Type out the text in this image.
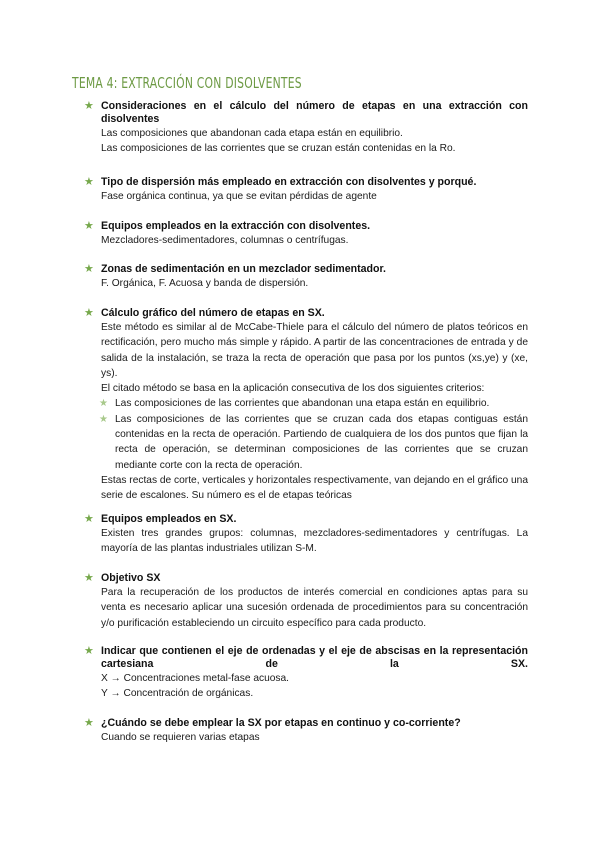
TEMA 4: EXTRACCIÓN CON DISOLVENTES
★ Consideraciones en el cálculo del número de etapas en una extracción con disolventes
Las composiciones que abandonan cada etapa están en equilibrio.
Las composiciones de las corrientes que se cruzan están contenidas en la Ro.
★ Tipo de dispersión más empleado en extracción con disolventes y porqué.
Fase orgánica continua, ya que se evitan pérdidas de agente
★ Equipos empleados en la extracción con disolventes.
Mezcladores-sedimentadores, columnas o centrífugas.
★ Zonas de sedimentación en un mezclador sedimentador.
F. Orgánica, F. Acuosa y banda de dispersión.
★ Cálculo gráfico del número de etapas en SX.
Este método es similar al de McCabe-Thiele para el cálculo del número de platos teóricos en rectificación, pero mucho más simple y rápido. A partir de las concentraciones de entrada y de salida de la instalación, se traza la recta de operación que pasa por los puntos (xs,ye) y (xe, ys).
El citado método se basa en la aplicación consecutiva de los dos siguientes criterios:
★ Las composiciones de las corrientes que abandonan una etapa están en equilibrio.
★ Las composiciones de las corrientes que se cruzan cada dos etapas contiguas están contenidas en la recta de operación. Partiendo de cualquiera de los dos puntos que fijan la recta de operación, se determinan composiciones de las corrientes que se cruzan mediante corte con la recta de operación.
Estas rectas de corte, verticales y horizontales respectivamente, van dejando en el gráfico una serie de escalones. Su número es el de etapas teóricas
★ Equipos empleados en SX.
Existen tres grandes grupos: columnas, mezcladores-sedimentadores y centrífugas. La mayoría de las plantas industriales utilizan S-M.
★ Objetivo SX
Para la recuperación de los productos de interés comercial en condiciones aptas para su venta es necesario aplicar una sucesión ordenada de procedimientos para su concentración y/o purificación estableciendo un circuito específico para cada producto.
★ Indicar que contienen el eje de ordenadas y el eje de abscisas en la representación cartesiana de la SX.
X → Concentraciones metal-fase acuosa.
Y → Concentración de orgánicas.
★ ¿Cuándo se debe emplear la SX por etapas en continuo y co-corriente?
Cuando se requieren varias etapas
